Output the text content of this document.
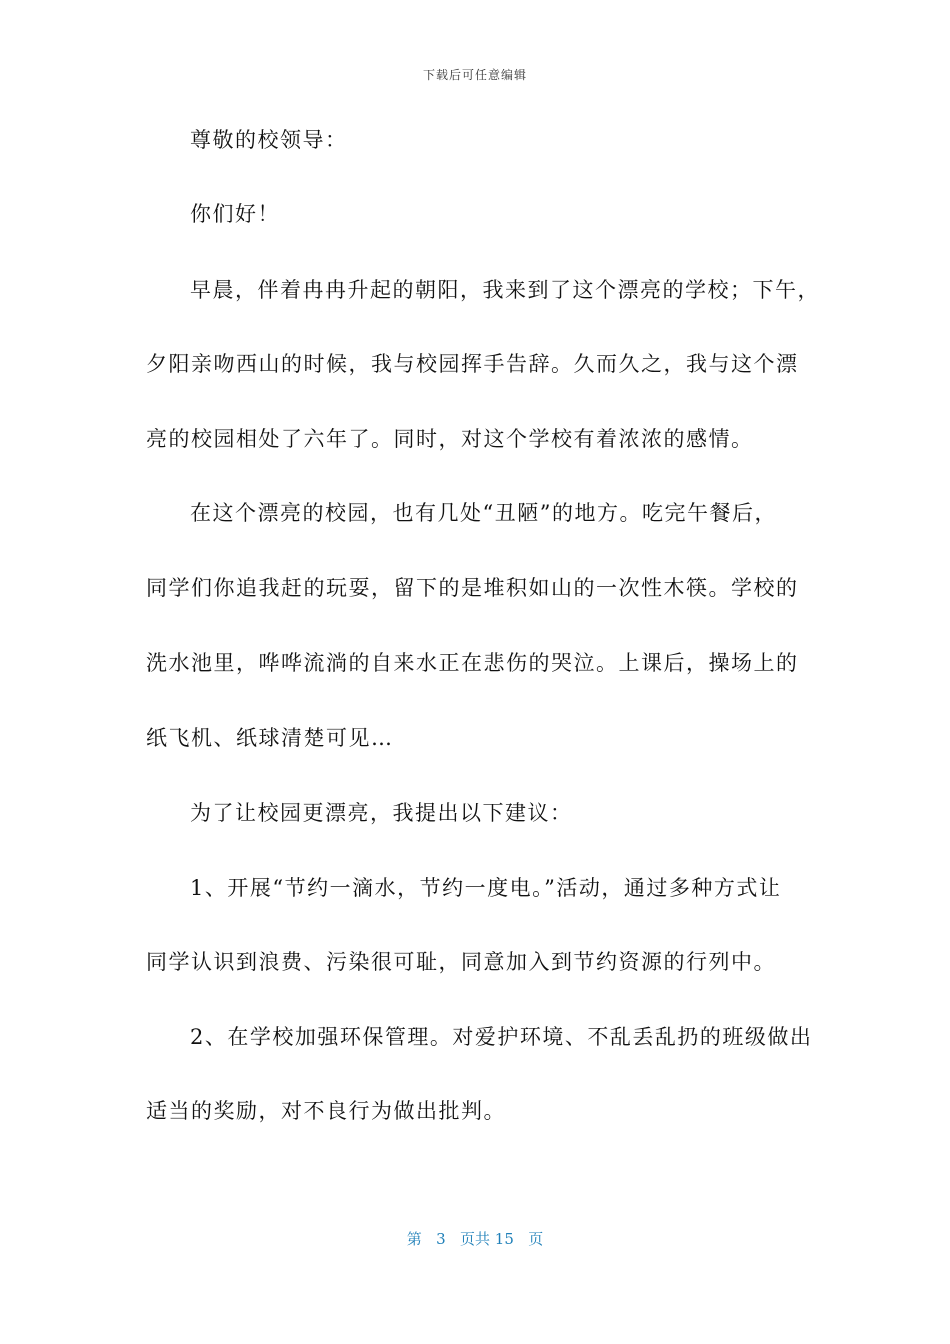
下载后可任意编辑
尊敬的校领导：
你们好！
早晨，伴着冉冉升起的朝阳，我来到了这个漂亮的学校；下午，
夕阳亲吻西山的时候，我与校园挥手告辞。久而久之，我与这个漂
亮的校园相处了六年了。同时，对这个学校有着浓浓的感情。
在这个漂亮的校园，也有几处“丑陋”的地方。吃完午餐后，
同学们你追我赶的玩耍，留下的是堆积如山的一次性木筷。学校的
洗水池里，哗哗流淌的自来水正在悲伤的哭泣。上课后，操场上的
纸飞机、纸球清楚可见…
为了让校园更漂亮，我提出以下建议：
1、开展“节约一滴水，节约一度电。”活动，通过多种方式让
同学认识到浪费、污染很可耻，同意加入到节约资源的行列中。
2、在学校加强环保管理。对爱护环境、不乱丢乱扔的班级做出
适当的奖励，对不良行为做出批判。
第 3 页共 15 页
